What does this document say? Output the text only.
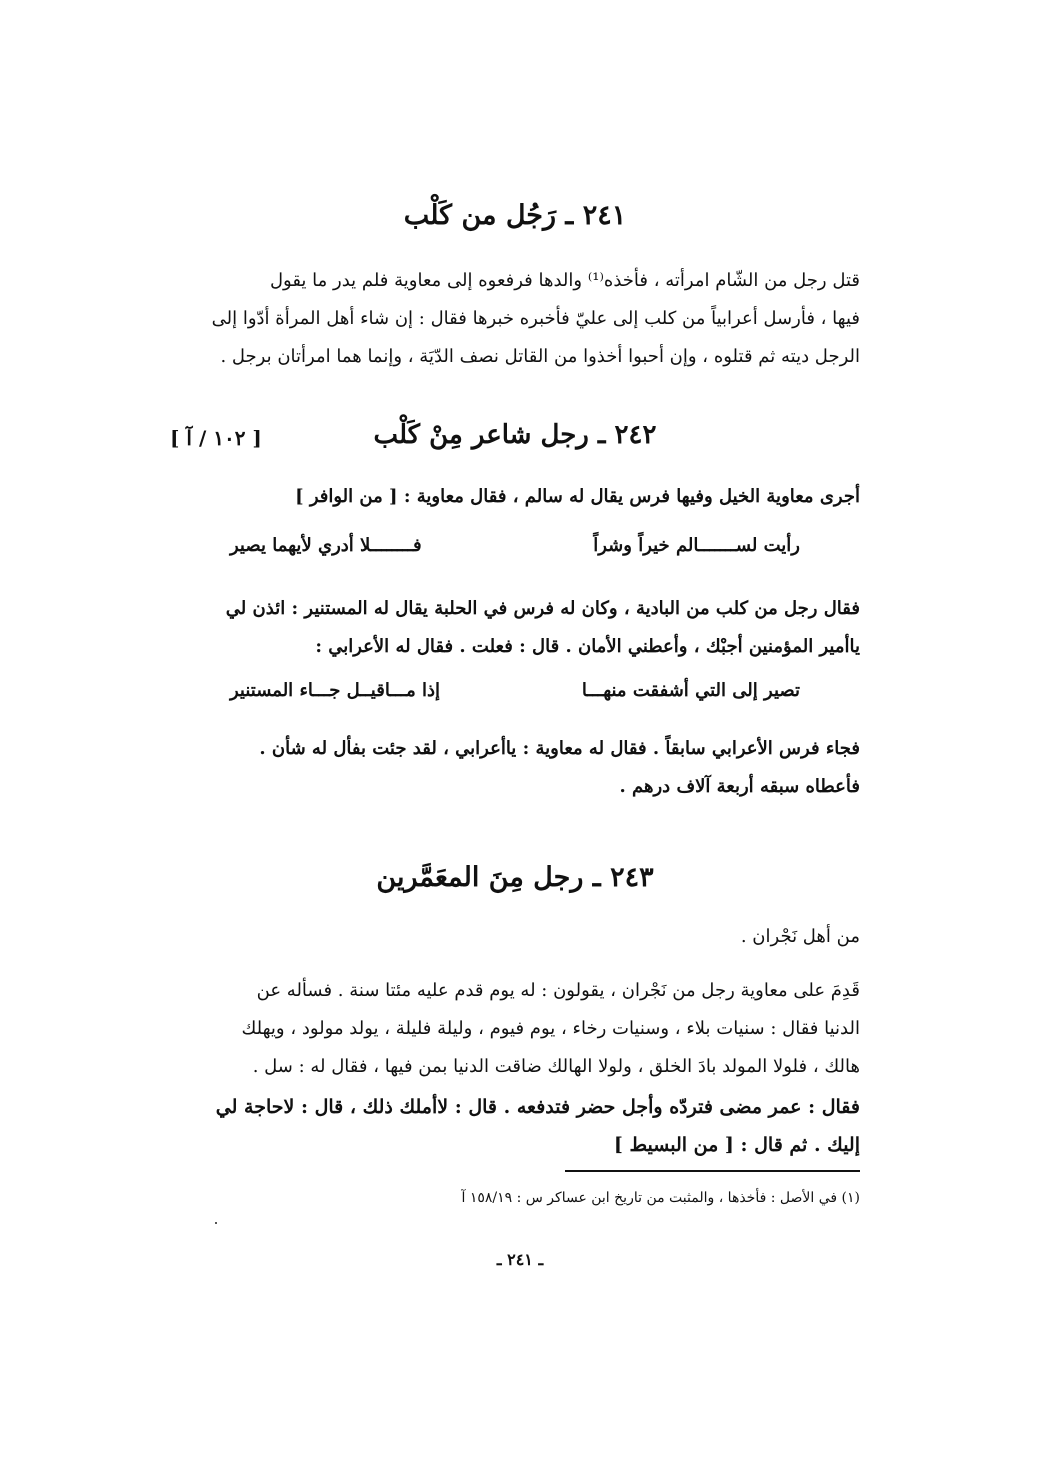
٢٤١ ـ رَجُل من كَلْب
قتل رجل من الشّام امرأته ، فأخذه⁽¹⁾ والدها فرفعوه إلى معاوية فلم يدر ما يقول
فيها ، فأرسل أعرابياً من كلب إلى عليّ فأخبره خبرها فقال : إن شاء أهل المرأة أدّوا إلى
الرجل ديته ثم قتلوه ، وإن أحبوا أخذوا من القاتل نصف الدّيَة ، وإنما هما امرأتان برجل .
٢٤٢ ـ رجل شاعر مِنْ كَلْب
[ ١٠٢ / آ ]
أجرى معاوية الخيل وفيها فرس يقال له سالم ، فقال معاوية : [ من الوافر ]
رأيت لســـــــالم خيراً وشراً
فــــــــلا أدري لأيهما يصير
فقال رجل من كلب من البادية ، وكان له فرس في الحلبة يقال له المستنير : ائذن لي
ياأمير المؤمنين أجبْك ، وأعطني الأمان . قال : فعلت . فقال له الأعرابي :
تصير إلى التي أشفقت منهـــا
إذا مـــاقيــل جـــاء المستنير
فجاء فرس الأعرابي سابقاً . فقال له معاوية : ياأعرابي ، لقد جئت بفأل له شأن .
فأعطاه سبقه أربعة آلاف درهم .
٢٤٣ ـ رجل مِنَ المعَمَّرين
من أهل نَجْران .
قَدِمَ على معاوية رجل من نَجْران ، يقولون : له يوم قدم عليه مئتا سنة . فسأله عن
الدنيا فقال : سنيات بلاء ، وسنيات رخاء ، يوم فيوم ، وليلة فليلة ، يولد مولود ، ويهلك
هالك ، فلولا المولد بادَ الخلق ، ولولا الهالك ضاقت الدنيا بمن فيها ، فقال له : سل .
فقال : عمر مضى فتردّه وأجل حضر فتدفعه . قال : لاأملك ذلك ، قال : لاحاجة لي
إليك . ثم قال : [ من البسيط ]
(١) في الأصل : فأخذها ، والمثبت من تاريخ ابن عساكر س : ١٥٨/١٩ آ
ـ ٢٤١ ـ
